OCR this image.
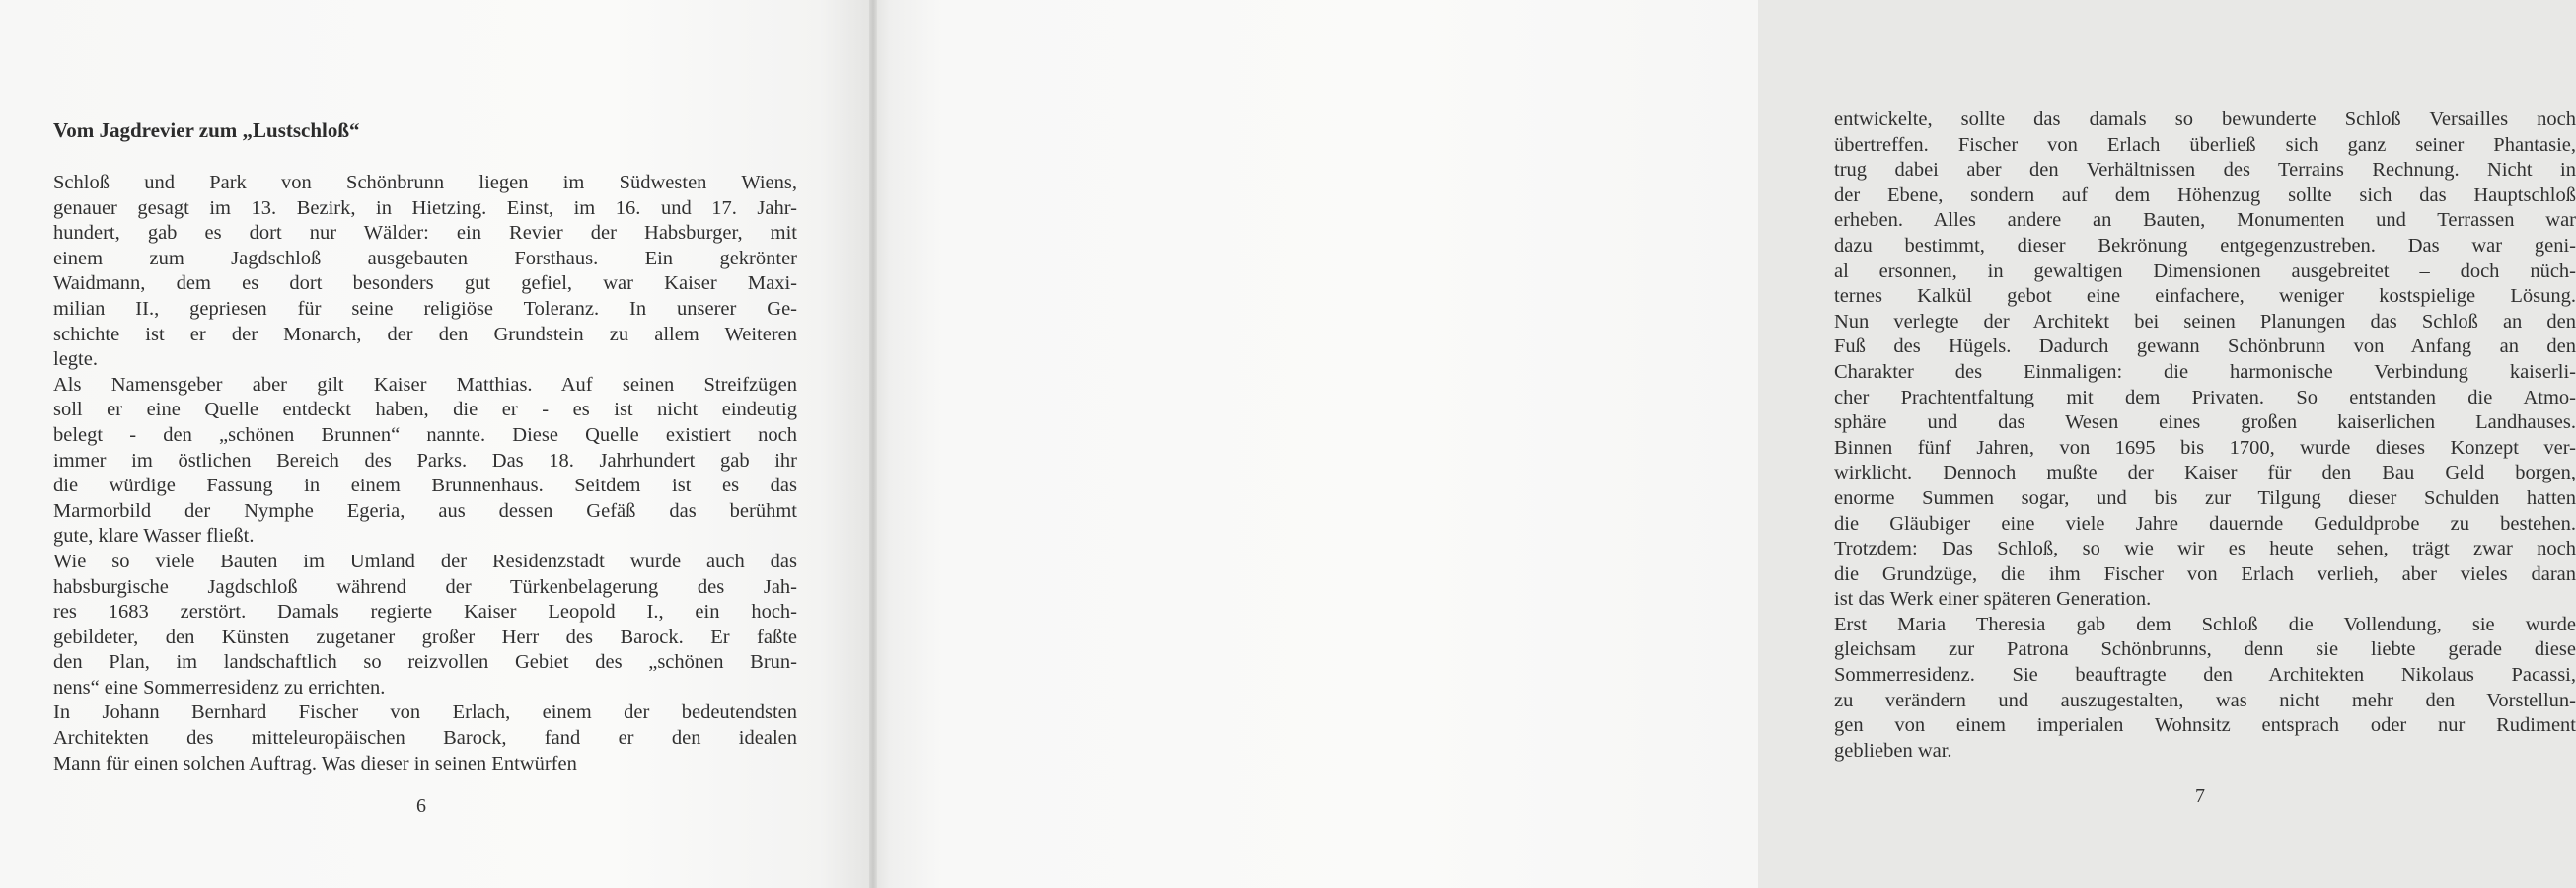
Vom Jagdrevier zum „Lustschloß“
Schloß und Park von Schönbrunn liegen im Südwesten Wiens,
genauer gesagt im 13. Bezirk, in Hietzing. Einst, im 16. und 17. Jahr-
hundert, gab es dort nur Wälder: ein Revier der Habsburger, mit
einem zum Jagdschloß ausgebauten Forsthaus. Ein gekrönter
Waidmann, dem es dort besonders gut gefiel, war Kaiser Maxi-
milian II., gepriesen für seine religiöse Toleranz. In unserer Ge-
schichte ist er der Monarch, der den Grundstein zu allem Weiteren
legte.
Als Namensgeber aber gilt Kaiser Matthias. Auf seinen Streifzügen
soll er eine Quelle entdeckt haben, die er - es ist nicht eindeutig
belegt - den „schönen Brunnen“ nannte. Diese Quelle existiert noch
immer im östlichen Bereich des Parks. Das 18. Jahrhundert gab ihr
die würdige Fassung in einem Brunnenhaus. Seitdem ist es das
Marmorbild der Nymphe Egeria, aus dessen Gefäß das berühmt
gute, klare Wasser fließt.
Wie so viele Bauten im Umland der Residenzstadt wurde auch das
habsburgische Jagdschloß während der Türkenbelagerung des Jah-
res 1683 zerstört. Damals regierte Kaiser Leopold I., ein hoch-
gebildeter, den Künsten zugetaner großer Herr des Barock. Er faßte
den Plan, im landschaftlich so reizvollen Gebiet des „schönen Brun-
nens“ eine Sommerresidenz zu errichten.
In Johann Bernhard Fischer von Erlach, einem der bedeutendsten
Architekten des mitteleuropäischen Barock, fand er den idealen
Mann für einen solchen Auftrag. Was dieser in seinen Entwürfen
6
entwickelte, sollte das damals so bewunderte Schloß Versailles noch
übertreffen. Fischer von Erlach überließ sich ganz seiner Phantasie,
trug dabei aber den Verhältnissen des Terrains Rechnung. Nicht in
der Ebene, sondern auf dem Höhenzug sollte sich das Hauptschloß
erheben. Alles andere an Bauten, Monumenten und Terrassen war
dazu bestimmt, dieser Bekrönung entgegenzustreben. Das war geni-
al ersonnen, in gewaltigen Dimensionen ausgebreitet – doch nüch-
ternes Kalkül gebot eine einfachere, weniger kostspielige Lösung.
Nun verlegte der Architekt bei seinen Planungen das Schloß an den
Fuß des Hügels. Dadurch gewann Schönbrunn von Anfang an den
Charakter des Einmaligen: die harmonische Verbindung kaiserli-
cher Prachtentfaltung mit dem Privaten. So entstanden die Atmo-
sphäre und das Wesen eines großen kaiserlichen Landhauses.
Binnen fünf Jahren, von 1695 bis 1700, wurde dieses Konzept ver-
wirklicht. Dennoch mußte der Kaiser für den Bau Geld borgen,
enorme Summen sogar, und bis zur Tilgung dieser Schulden hatten
die Gläubiger eine viele Jahre dauernde Geduldprobe zu bestehen.
Trotzdem: Das Schloß, so wie wir es heute sehen, trägt zwar noch
die Grundzüge, die ihm Fischer von Erlach verlieh, aber vieles daran
ist das Werk einer späteren Generation.
Erst Maria Theresia gab dem Schloß die Vollendung, sie wurde
gleichsam zur Patrona Schönbrunns, denn sie liebte gerade diese
Sommerresidenz. Sie beauftragte den Architekten Nikolaus Pacassi,
zu verändern und auszugestalten, was nicht mehr den Vorstellun-
gen von einem imperialen Wohnsitz entsprach oder nur Rudiment
geblieben war.
7
